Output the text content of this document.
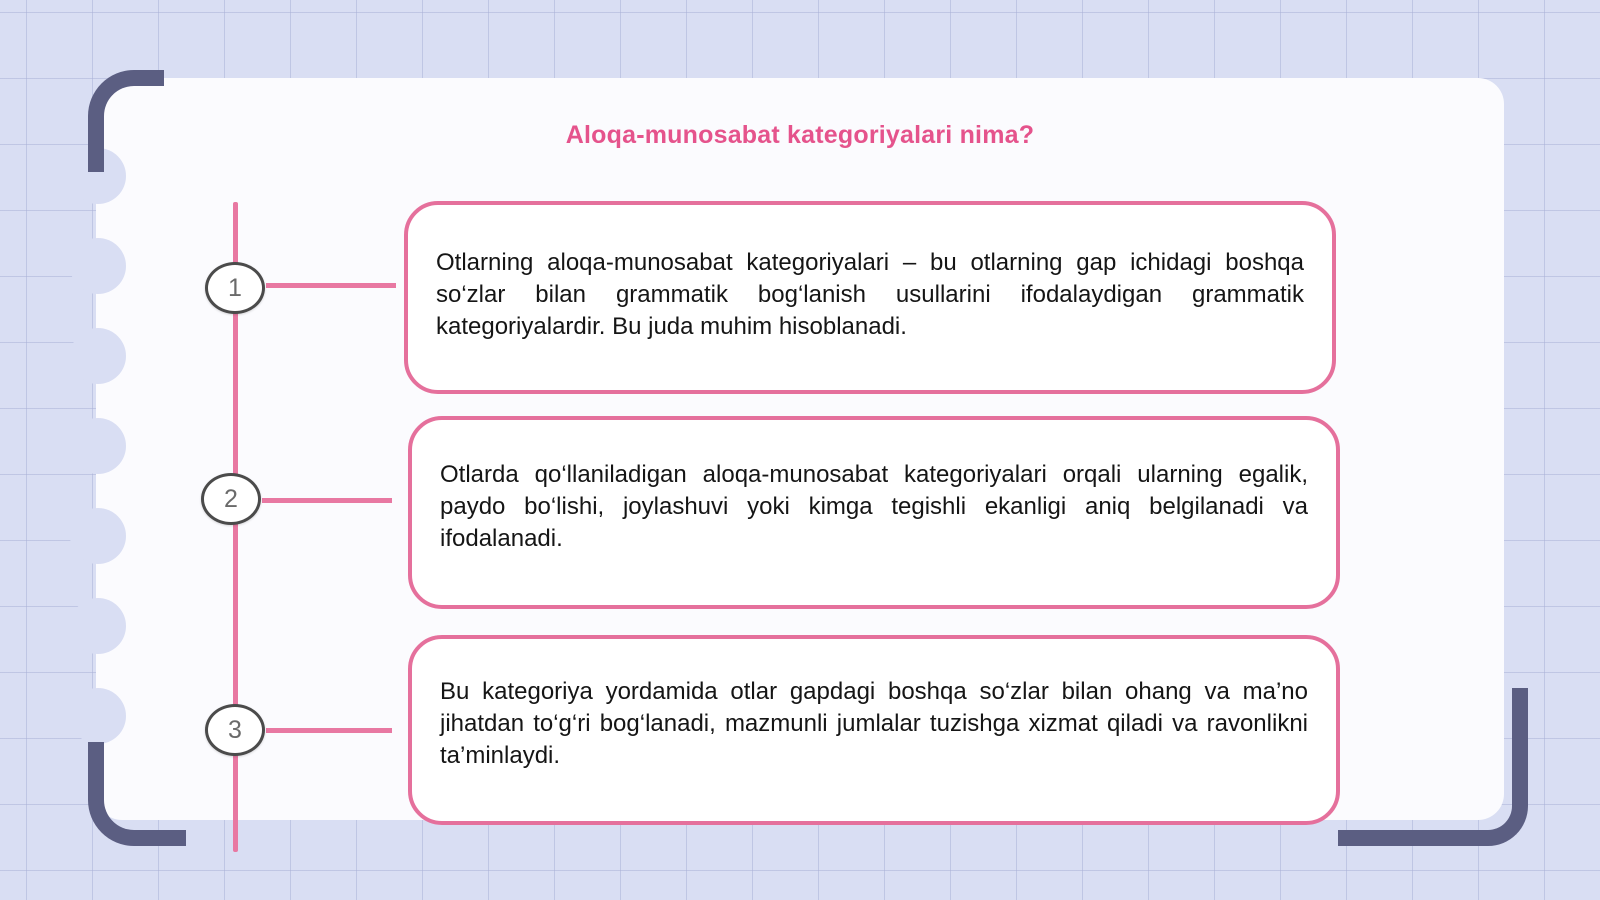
Aloqa-munosabat kategoriyalari nima?
1
Otlarning aloqa-munosabat kategoriyalari – bu otlarning gap ichidagi boshqa so‘zlar bilan grammatik bog‘lanish usullarini ifodalaydigan grammatik kategoriyalardir. Bu juda muhim hisoblanadi.
2
Otlarda qo‘llaniladigan aloqa-munosabat kategoriyalari orqali ularning egalik, paydo bo‘lishi, joylashuvi yoki kimga tegishli ekanligi aniq belgilanadi va ifodalanadi.
3
Bu kategoriya yordamida otlar gapdagi boshqa so‘zlar bilan ohang va ma’no jihatdan to‘g‘ri bog‘lanadi, mazmunli jumlalar tuzishga xizmat qiladi va ravonlikni ta’minlaydi.
